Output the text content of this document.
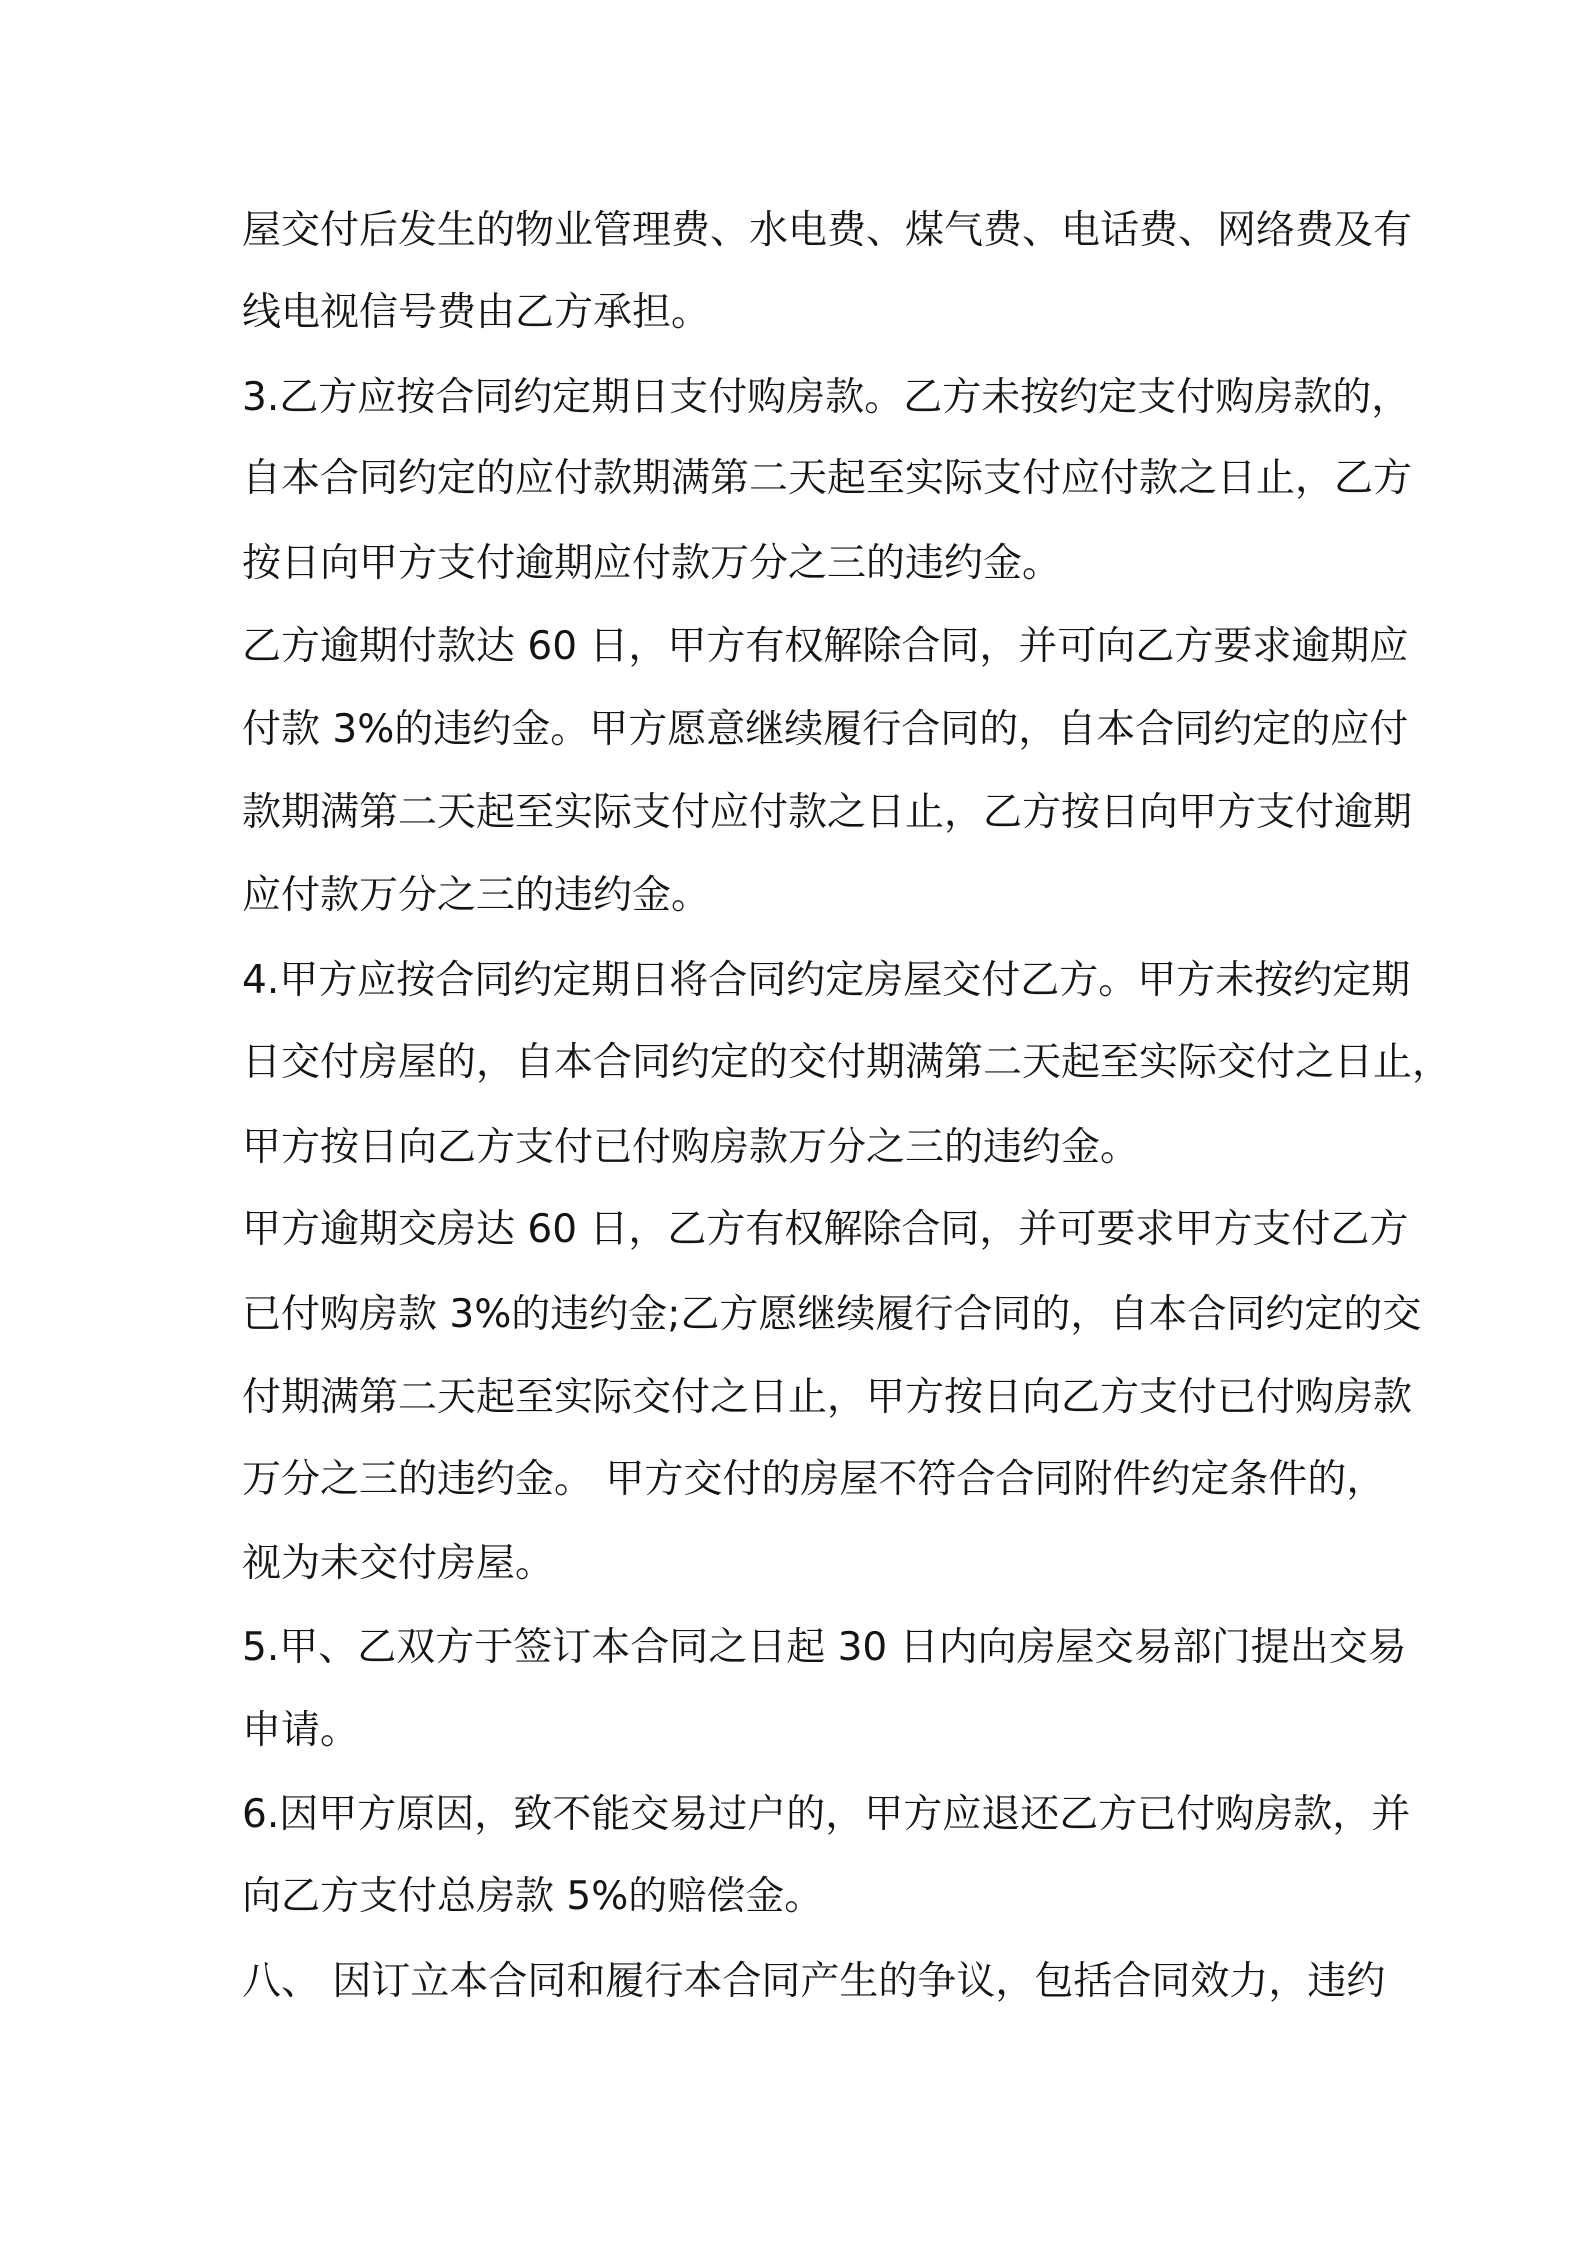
屋交付后发生的物业管理费、水电费、煤气费、电话费、网络费及有

线电视信号费由乙方承担。

3.乙方应按合同约定期日支付购房款。乙方未按约定支付购房款的，

自本合同约定的应付款期满第二天起至实际支付应付款之日止，乙方

按日向甲方支付逾期应付款万分之三的违约金。

乙方逾期付款达 60 日，甲方有权解除合同，并可向乙方要求逾期应

付款 3%的违约金。甲方愿意继续履行合同的，自本合同约定的应付

款期满第二天起至实际支付应付款之日止，乙方按日向甲方支付逾期

应付款万分之三的违约金。

4.甲方应按合同约定期日将合同约定房屋交付乙方。甲方未按约定期

日交付房屋的，自本合同约定的交付期满第二天起至实际交付之日止，

甲方按日向乙方支付已付购房款万分之三的违约金。

甲方逾期交房达 60 日，乙方有权解除合同，并可要求甲方支付乙方

已付购房款 3%的违约金;乙方愿继续履行合同的，自本合同约定的交

付期满第二天起至实际交付之日止，甲方按日向乙方支付已付购房款

万分之三的违约金。 甲方交付的房屋不符合合同附件约定条件的，

视为未交付房屋。

5.甲、乙双方于签订本合同之日起 30 日内向房屋交易部门提出交易

申请。

6.因甲方原因，致不能交易过户的，甲方应退还乙方已付购房款，并

向乙方支付总房款 5%的赔偿金。

八、 因订立本合同和履行本合同产生的争议，包括合同效力，违约
